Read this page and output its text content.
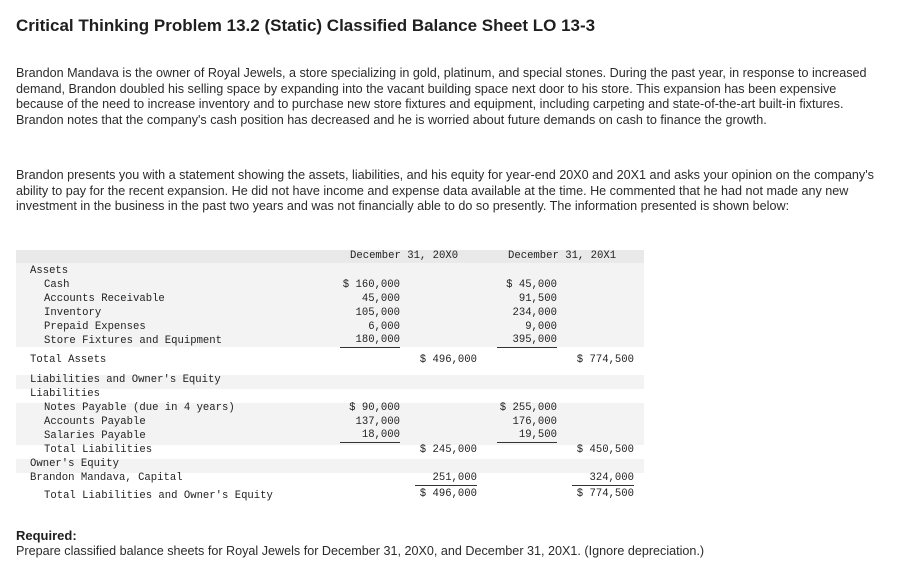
Critical Thinking Problem 13.2 (Static) Classified Balance Sheet LO 13-3
Brandon Mandava is the owner of Royal Jewels, a store specializing in gold, platinum, and special stones. During the past year, in response to increased demand, Brandon doubled his selling space by expanding into the vacant building space next door to his store. This expansion has been expensive because of the need to increase inventory and to purchase new store fixtures and equipment, including carpeting and state-of-the-art built-in fixtures. Brandon notes that the company's cash position has decreased and he is worried about future demands on cash to finance the growth.
Brandon presents you with a statement showing the assets, liabilities, and his equity for year-end 20X0 and 20X1 and asks your opinion on the company's ability to pay for the recent expansion. He did not have income and expense data available at the time. He commented that he had not made any new investment in the business in the past two years and was not financially able to do so presently. The information presented is shown below:
December 31, 20X0	December 31, 20X1
Assets
Cash	$ 160,000	$ 45,000
Accounts Receivable	45,000	91,500
Inventory	105,000	234,000
Prepaid Expenses	6,000	9,000
Store Fixtures and Equipment	180,000	395,000
Total Assets	$ 496,000	$ 774,500
Liabilities and Owner's Equity
Liabilities
Notes Payable (due in 4 years)	$ 90,000	$ 255,000
Accounts Payable	137,000	176,000
Salaries Payable	18,000	19,500
Total Liabilities	$ 245,000	$ 450,500
Owner's Equity
Brandon Mandava, Capital	251,000	324,000
Total Liabilities and Owner's Equity	$ 496,000	$ 774,500
Required:
Prepare classified balance sheets for Royal Jewels for December 31, 20X0, and December 31, 20X1. (Ignore depreciation.)
